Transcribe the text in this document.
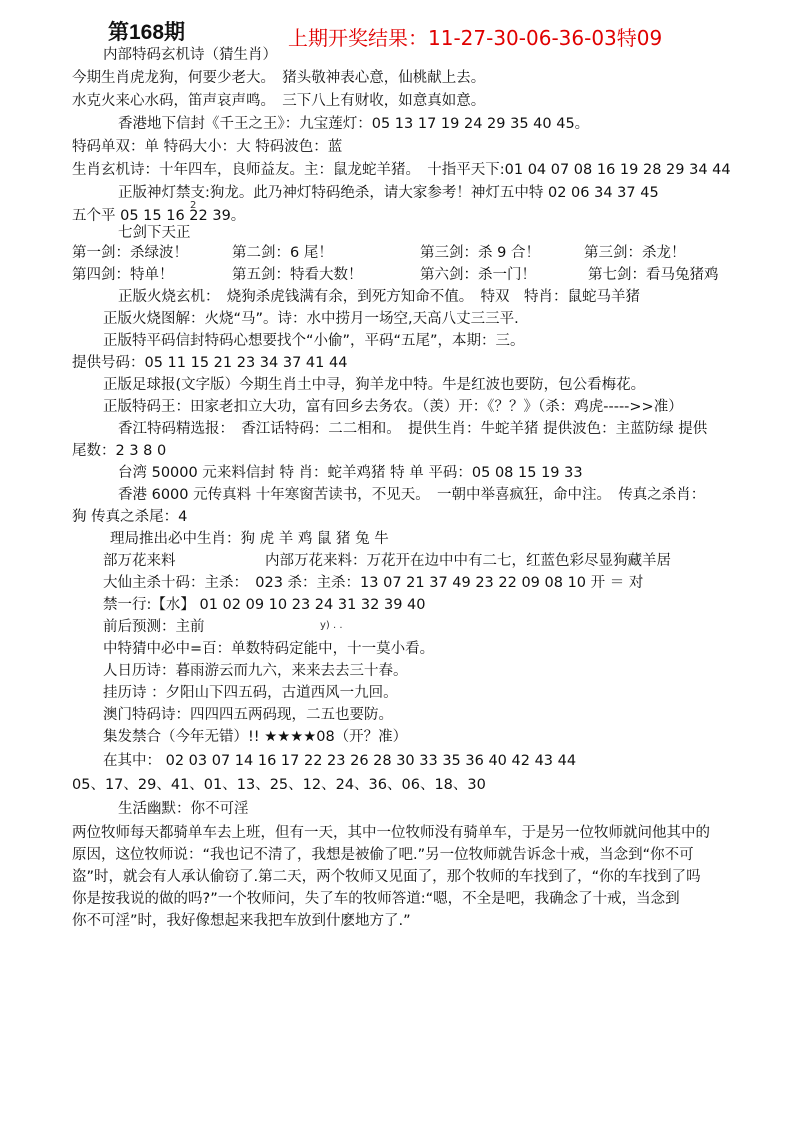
第168期	上期开奖结果：11-27-30-06-36-03特09
内部特码玄机诗（猜生肖）
今期生肖虎龙狗，何要少老大。　猪头敬神表心意，仙桃献上去。
水克火来心水码，笛声哀声鸣。　三下八上有财收，如意真如意。
香港地下信封《千王之王》：九宝莲灯：05 13 17 19 24 29 35 40 45。
特码单双：单 特码大小：大 特码波色：蓝
生肖玄机诗：十年四车，良师益友。主：鼠龙蛇羊猪。　十指平天下:01 04 07 08 16 19 28 29 34 44
正版神灯禁支:狗龙。此乃神灯特码绝杀，请大家参考！神灯五中特 02 06 34 37 45
五个平 05 15 16 22 39。
2
七剑下天正
第一剑：杀绿波！	第二剑：6 尾！	第三剑：杀 9 合！	第三剑：杀龙！
第四剑：特单！	第五剑：特看大数！	第六剑：杀一门！	第七剑：看马兔猪鸡
正版火烧玄机：　烧狗杀虎钱满有余，到死方知命不值。　特双　特肖：鼠蛇马羊猪
正版火烧图解：火烧“马”。诗：水中捞月一场空,天高八丈三三平.
正版特平码信封特码心想要找个“小偷”，平码“五尾”，本期：三。
提供号码：05 11 15 21 23 34 37 41 44
正版足球报(文字版）今期生肖土中寻，狗羊龙中特。牛是红波也要防，包公看梅花。
正版特码王：田家老扣立大功，富有回乡去务农。（羡）开：《？？》（杀：鸡虎----->>准）
香江特码精选报：　香江话特码：二二相和。　提供生肖：牛蛇羊猪 提供波色：主蓝防绿 提供
尾数：2 3 8 0
台湾 50000 元来料信封 特 肖：蛇羊鸡猪 特 单 平码：05 08 15 19 33
香港 6000 元传真料 十年寒窗苦读书，不见天。　一朝中举喜疯狂，命中注。　传真之杀肖：
狗 传真之杀尾：4
理局推出必中生肖：狗 虎 羊 鸡 鼠 猪 兔 牛
部万花来料	内部万花来料：万花开在边中中有二七，红蓝色彩尽显狗藏羊居
大仙主杀十码：主杀：　023 杀：主杀：13 07 21 37 49 23 22 09 08 10 开 ＝ 对
禁一行:【水】 01 02 09 10 23 24 31 32 39 40
前后预测：主前	y) . .
中特猜中必中=百：单数特码定能中，十一莫小看。
人日历诗：暮雨游云而九六，来来去去三十春。
挂历诗 ：夕阳山下四五码，古道西风一九回。
澳门特码诗：四四四五两码现，二五也要防。
集发禁合（今年无错）!! ★★★★08（开？准）
在其中： 02 03 07 14 16 17 22 23 26 28 30 33 35 36 40 42 43 44
05、17、29、41、01、13、25、12、24、36、06、18、30
生活幽默：你不可淫
两位牧师每天都骑单车去上班，但有一天，其中一位牧师没有骑单车，于是另一位牧师就问他其中的
原因，这位牧师说：“我也记不清了，我想是被偷了吧.”另一位牧师就告诉念十戒，当念到“你不可
盗”时，就会有人承认偷窃了.第二天，两个牧师又见面了，那个牧师的车找到了，“你的车找到了吗
你是按我说的做的吗?”一个牧师问，失了车的牧师答道:“嗯，不全是吧，我确念了十戒，当念到
你不可淫”时，我好像想起来我把车放到什麽地方了.”
